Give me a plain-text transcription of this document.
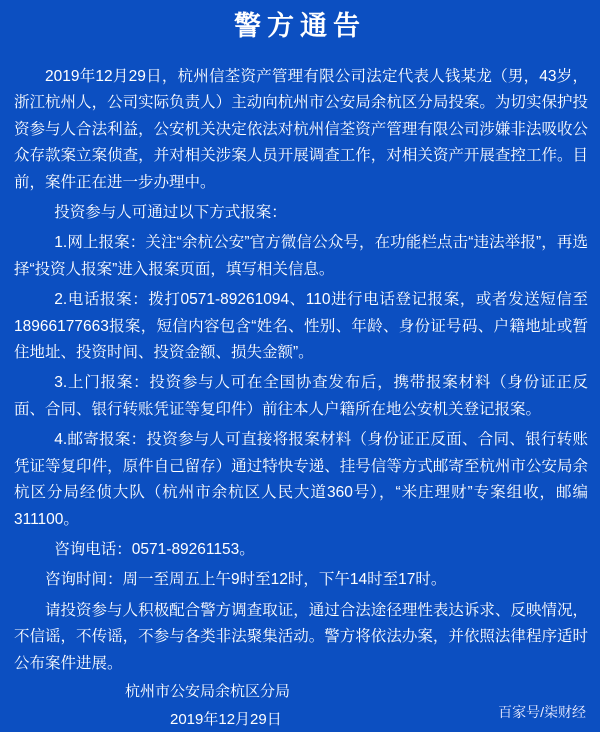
警方通告

2019年12月29日，杭州信荃资产管理有限公司法定代表人钱某龙（男，43岁，浙江杭州人，公司实际负责人）主动向杭州市公安局余杭区分局投案。为切实保护投资参与人合法利益，公安机关决定依法对杭州信荃资产管理有限公司涉嫌非法吸收公众存款案立案侦查，并对相关涉案人员开展调查工作，对相关资产开展查控工作。目前，案件正在进一步办理中。

投资参与人可通过以下方式报案：

1.网上报案：关注“余杭公安”官方微信公众号，在功能栏点击“违法举报”，再选择“投资人报案”进入报案页面，填写相关信息。

2.电话报案：拨打0571-89261094、110进行电话登记报案，或者发送短信至18966177663报案，短信内容包含“姓名、性别、年龄、身份证号码、户籍地址或暂住地址、投资时间、投资金额、损失金额”。

3.上门报案：投资参与人可在全国协查发布后，携带报案材料（身份证正反面、合同、银行转账凭证等复印件）前往本人户籍所在地公安机关登记报案。

4.邮寄报案：投资参与人可直接将报案材料（身份证正反面、合同、银行转账凭证等复印件，原件自己留存）通过特快专递、挂号信等方式邮寄至杭州市公安局余杭区分局经侦大队（杭州市余杭区人民大道360号），“米庄理财”专案组收，邮编311100。

咨询电话：0571-89261153。

咨询时间：周一至周五上午9时至12时，下午14时至17时。

请投资参与人积极配合警方调查取证，通过合法途径理性表达诉求、反映情况，不信谣，不传谣，不参与各类非法聚集活动。警方将依法办案，并依照法律程序适时公布案件进展。

杭州市公安局余杭区分局
2019年12月29日	百家号/柒财经
